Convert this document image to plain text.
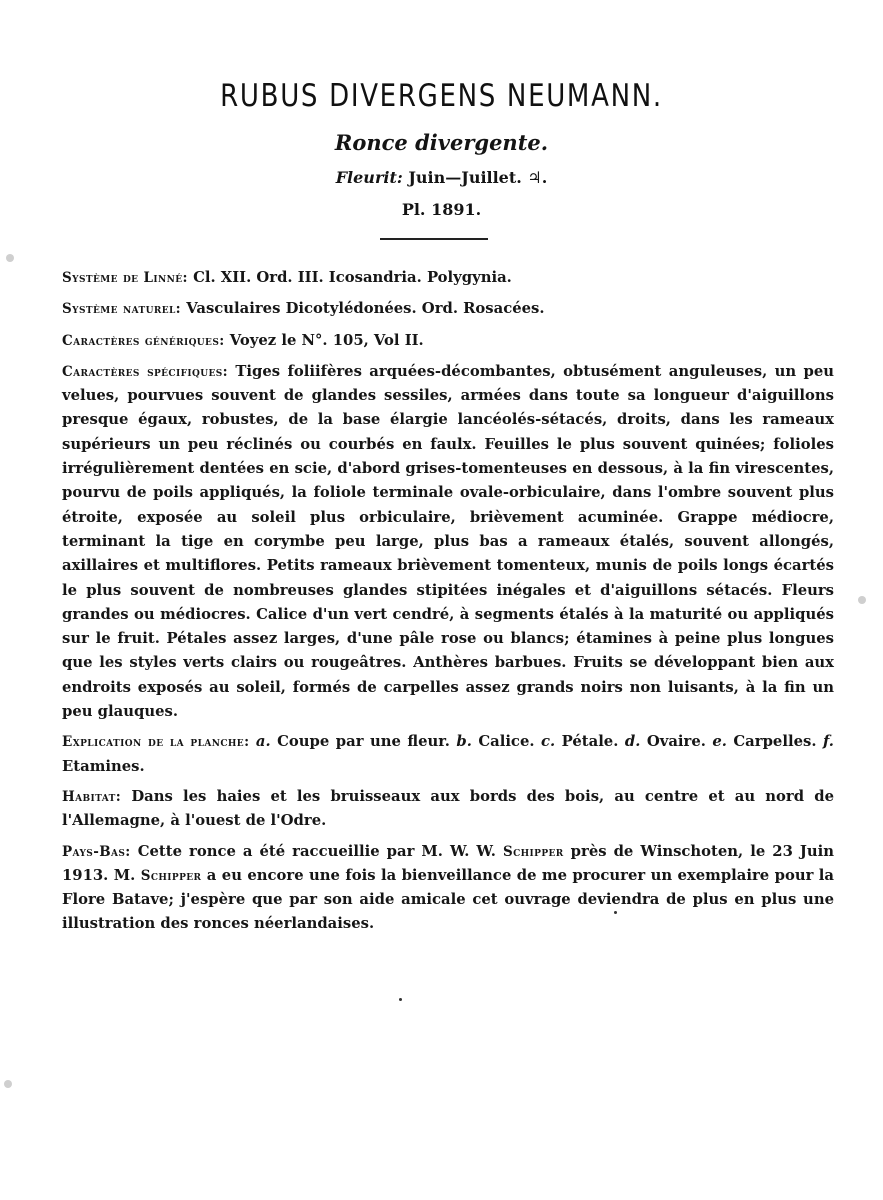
RUBUS DIVERGENS NEUMANN.
Ronce divergente.
Fleurit: Juin—Juillet. ♃.
Pl. 1891.

Système de Linné: Cl. XII. Ord. III. Icosandria. Polygynia.

Système naturel: Vasculaires Dicotylédonées. Ord. Rosacées.

Caractères génériques: Voyez le N°. 105, Vol II.

Caractères spécifiques: Tiges foliifères arquées-décombantes, obtusément anguleuses, un peu velues, pourvues souvent de glandes sessiles, armées dans toute sa longueur d'aiguillons presque égaux, robustes, de la base élargie lancéolés-sétacés, droits, dans les rameaux supérieurs un peu réclinés ou courbés en faulx. Feuilles le plus souvent quinées; folioles irrégulièrement dentées en scie, d'abord grises-tomenteuses en dessous, à la fin virescentes, pourvu de poils appliqués, la foliole terminale ovale-orbiculaire, dans l'ombre souvent plus étroite, exposée au soleil plus orbiculaire, brièvement acuminée. Grappe médiocre, terminant la tige en corymbe peu large, plus bas a rameaux étalés, souvent allongés, axillaires et multiflores. Petits rameaux brièvement tomenteux, munis de poils longs écartés le plus souvent de nombreuses glandes stipitées inégales et d'aiguillons sétacés. Fleurs grandes ou médiocres. Calice d'un vert cendré, à segments étalés à la maturité ou appliqués sur le fruit. Pétales assez larges, d'une pâle rose ou blancs; étamines à peine plus longues que les styles verts clairs ou rougeâtres. Anthères barbues. Fruits se développant bien aux endroits exposés au soleil, formés de carpelles assez grands noirs non luisants, à la fin un peu glauques.

Explication de la planche: a. Coupe par une fleur. b. Calice. c. Pétale. d. Ovaire. e. Carpelles. f. Etamines.

Habitat: Dans les haies et les bruisseaux aux bords des bois, au centre et au nord de l'Allemagne, à l'ouest de l'Odre.

Pays-Bas: Cette ronce a été raccueillie par M. W. W. Schipper près de Winschoten, le 23 Juin 1913. M. Schipper a eu encore une fois la bienveillance de me procurer un exemplaire pour la Flore Batave; j'espère que par son aide amicale cet ouvrage deviendra de plus en plus une illustration des ronces néerlandaises.
